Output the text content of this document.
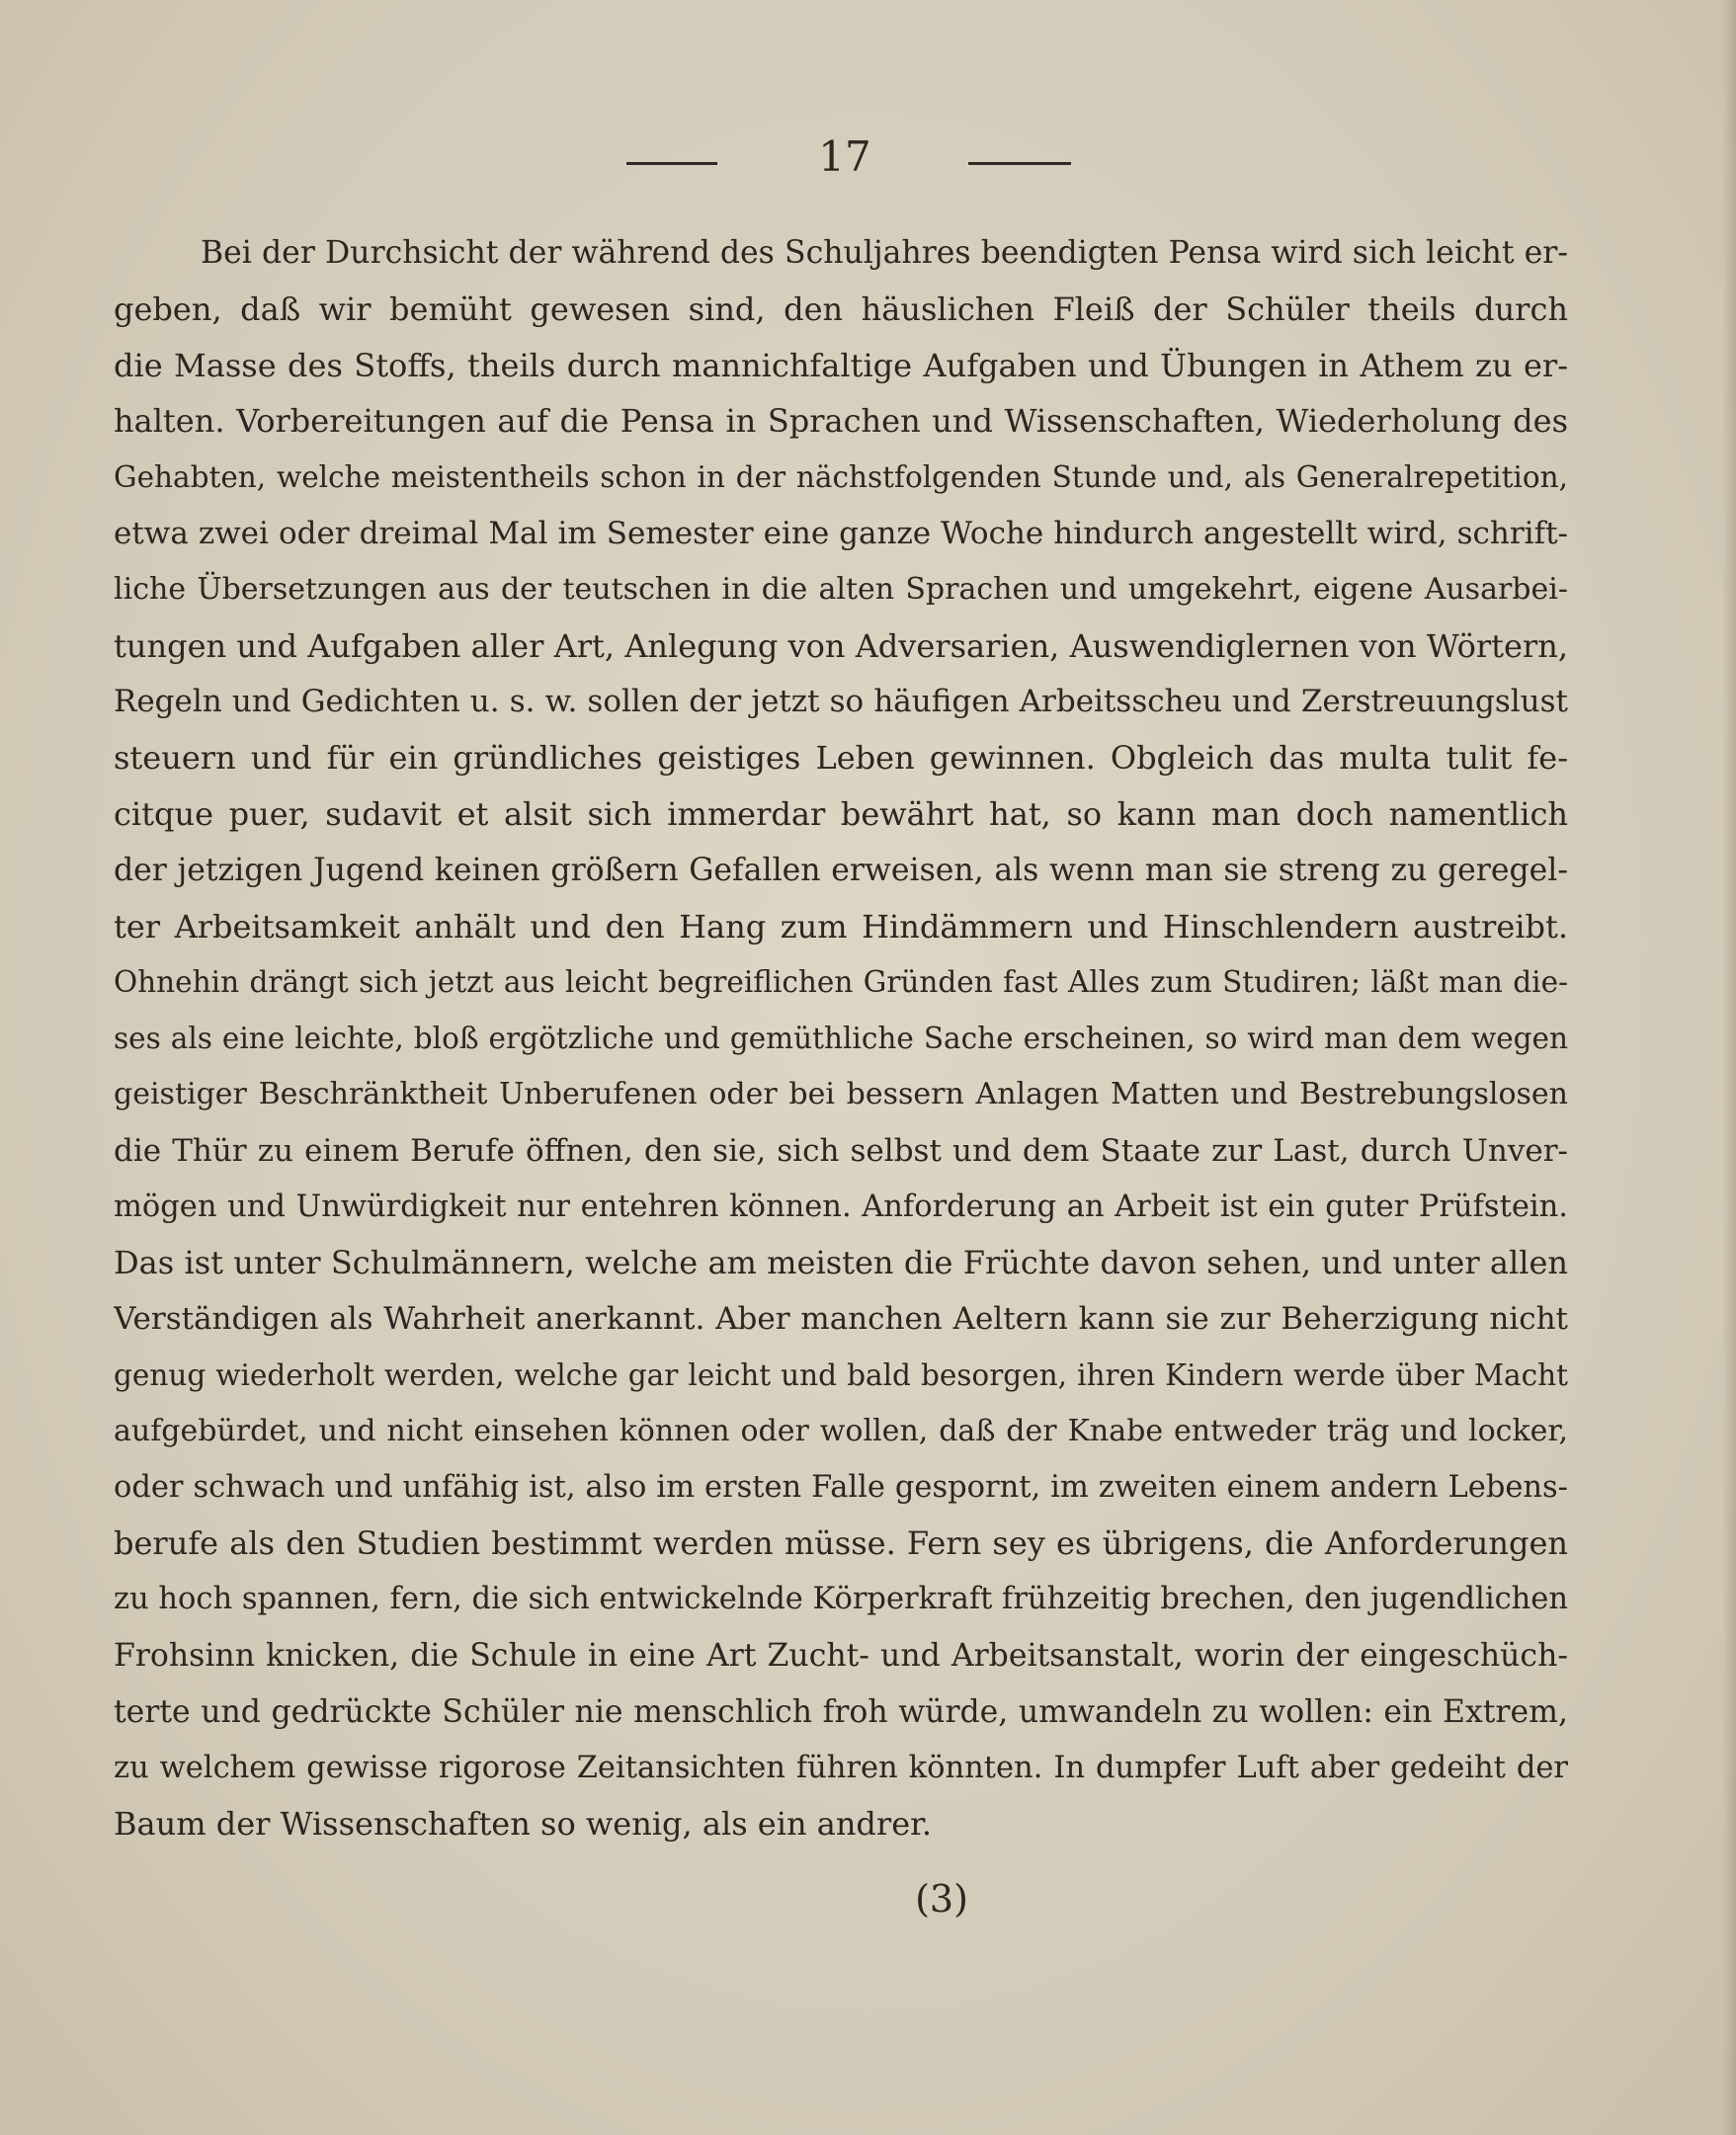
17
Bei der Durchsicht der während des Schuljahres beendigten Pensa wird sich leicht er-
geben, daß wir bemüht gewesen sind, den häuslichen Fleiß der Schüler theils durch
die Masse des Stoffs, theils durch mannichfaltige Aufgaben und Übungen in Athem zu er-
halten. Vorbereitungen auf die Pensa in Sprachen und Wissenschaften, Wiederholung des
Gehabten, welche meistentheils schon in der nächstfolgenden Stunde und, als Generalrepetition,
etwa zwei oder dreimal Mal im Semester eine ganze Woche hindurch angestellt wird, schrift-
liche Übersetzungen aus der teutschen in die alten Sprachen und umgekehrt, eigene Ausarbei-
tungen und Aufgaben aller Art, Anlegung von Adversarien, Auswendiglernen von Wörtern,
Regeln und Gedichten u. s. w. sollen der jetzt so häufigen Arbeitsscheu und Zerstreuungslust
steuern und für ein gründliches geistiges Leben gewinnen. Obgleich das multa tulit fe-
citque puer, sudavit et alsit sich immerdar bewährt hat, so kann man doch namentlich
der jetzigen Jugend keinen größern Gefallen erweisen, als wenn man sie streng zu geregel-
ter Arbeitsamkeit anhält und den Hang zum Hindämmern und Hinschlendern austreibt.
Ohnehin drängt sich jetzt aus leicht begreiflichen Gründen fast Alles zum Studiren; läßt man die-
ses als eine leichte, bloß ergötzliche und gemüthliche Sache erscheinen, so wird man dem wegen
geistiger Beschränktheit Unberufenen oder bei bessern Anlagen Matten und Bestrebungslosen
die Thür zu einem Berufe öffnen, den sie, sich selbst und dem Staate zur Last, durch Unver-
mögen und Unwürdigkeit nur entehren können. Anforderung an Arbeit ist ein guter Prüfstein.
Das ist unter Schulmännern, welche am meisten die Früchte davon sehen, und unter allen
Verständigen als Wahrheit anerkannt. Aber manchen Aeltern kann sie zur Beherzigung nicht
genug wiederholt werden, welche gar leicht und bald besorgen, ihren Kindern werde über Macht
aufgebürdet, und nicht einsehen können oder wollen, daß der Knabe entweder träg und locker,
oder schwach und unfähig ist, also im ersten Falle gespornt, im zweiten einem andern Lebens-
berufe als den Studien bestimmt werden müsse. Fern sey es übrigens, die Anforderungen
zu hoch spannen, fern, die sich entwickelnde Körperkraft frühzeitig brechen, den jugendlichen
Frohsinn knicken, die Schule in eine Art Zucht- und Arbeitsanstalt, worin der eingeschüch-
terte und gedrückte Schüler nie menschlich froh würde, umwandeln zu wollen: ein Extrem,
zu welchem gewisse rigorose Zeitansichten führen könnten. In dumpfer Luft aber gedeiht der
Baum der Wissenschaften so wenig, als ein andrer.
(3)
